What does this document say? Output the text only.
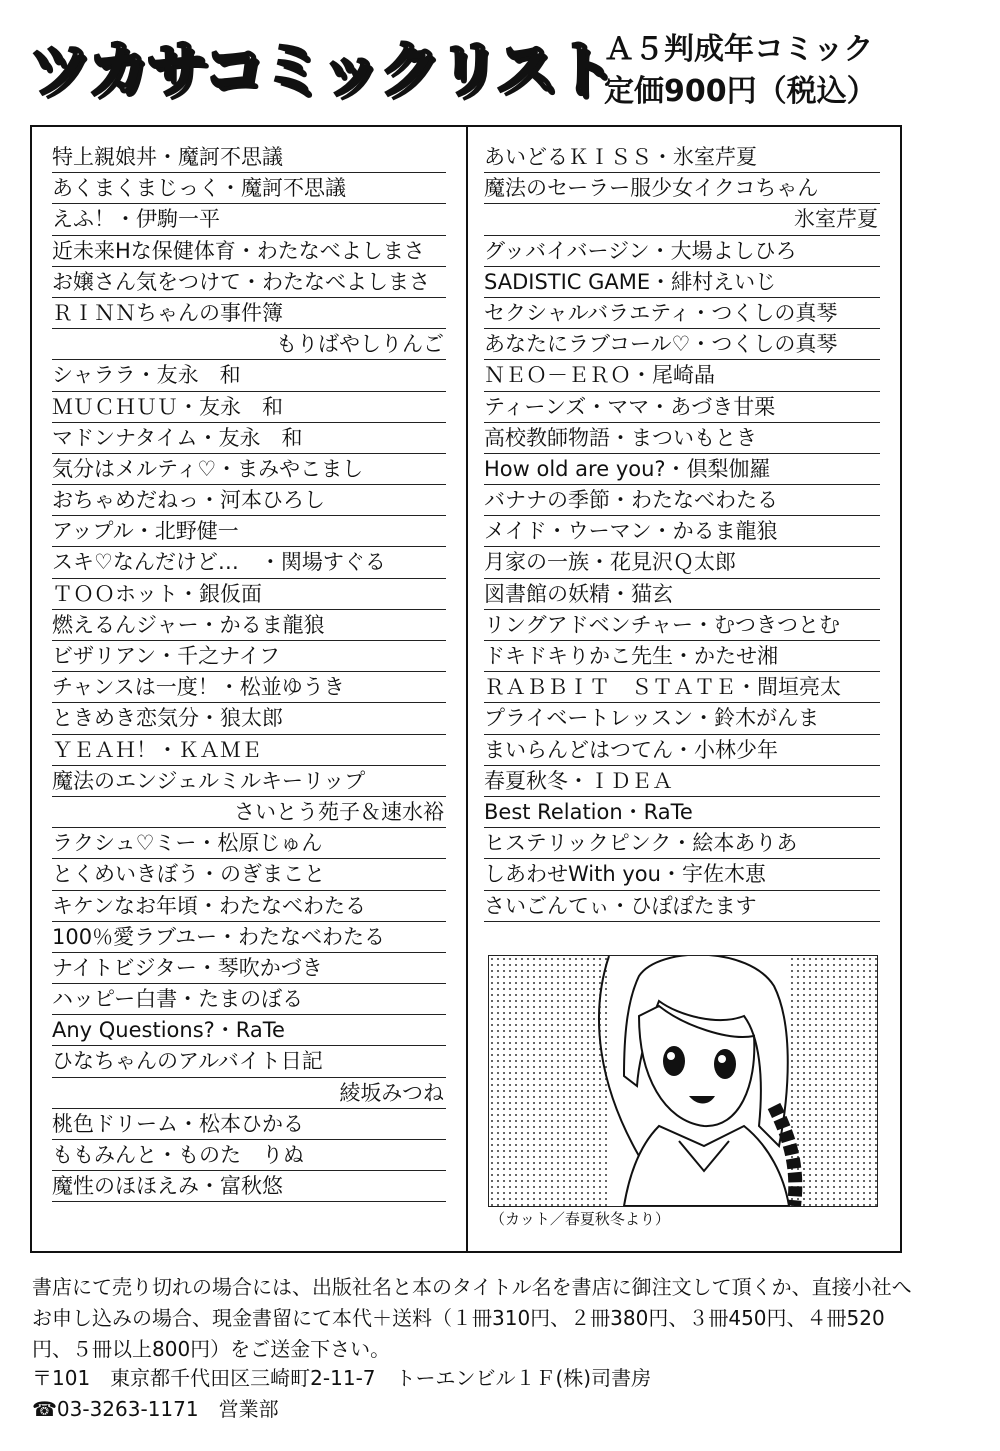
ツカサコミックリスト
Ａ５判成年コミック
定価900円（税込）
特上親娘丼・魔訶不思議
あくまくまじっく・魔訶不思議
えふ！・伊駒一平
近未来Hな保健体育・わたなべよしまさ
お嬢さん気をつけて・わたなべよしまさ
ＲＩＮＮちゃんの事件簿
もりばやしりんご
シャララ・友永　和
ＭＵＣＨＵＵ・友永　和
マドンナタイム・友永　和
気分はメルティ♡・まみやこまし
おちゃめだねっ・河本ひろし
アップル・北野健一
スキ♡なんだけど…　・関場すぐる
ＴＯＯホット・銀仮面
燃えるんジャー・かるま龍狼
ビザリアン・千之ナイフ
チャンスは一度！・松並ゆうき
ときめき恋気分・狼太郎
ＹＥＡＨ！・ＫＡＭＥ
魔法のエンジェルミルキーリップ
さいとう苑子＆速水裕
ラクシュ♡ミー・松原じゅん
とくめいきぼう・のぎまこと
キケンなお年頃・わたなべわたる
100％愛ラブユー・わたなべわたる
ナイトビジター・琴吹かづき
ハッピー白書・たまのぼる
Any Questions?・RaTe
ひなちゃんのアルバイト日記
綾坂みつね
桃色ドリーム・松本ひかる
ももみんと・ものた　りぬ
魔性のほほえみ・富秋悠
あいどるＫＩＳＳ・氷室芹夏
魔法のセーラー服少女イクコちゃん
氷室芹夏
グッバイバージン・大場よしひろ
SADISTIC GAME・緋村えいじ
セクシャルバラエティ・つくしの真琴
あなたにラブコール♡・つくしの真琴
ＮＥＯ－ＥＲＯ・尾崎晶
ティーンズ・ママ・あづき甘栗
高校教師物語・まついもとき
How old are you?・倶梨伽羅
バナナの季節・わたなべわたる
メイド・ウーマン・かるま龍狼
月家の一族・花見沢Ｑ太郎
図書館の妖精・猫玄
リングアドベンチャー・むつきつとむ
ドキドキりかこ先生・かたせ湘
ＲＡＢＢＩＴ　ＳＴＡＴＥ・間垣亮太
プライベートレッスン・鈴木がんま
まいらんどはつてん・小林少年
春夏秋冬・ＩＤＥＡ
Best Relation・RaTe
ヒステリックピンク・絵本ありあ
しあわせWith you・宇佐木恵
さいごんてぃ・ひぽぽたます
（カット／春夏秋冬より）

書店にて売り切れの場合には、出版社名と本のタイトル名を書店に御注文して頂くか、直接小社へお申し込みの場合、現金書留にて本代＋送料（１冊310円、２冊380円、３冊450円、４冊520円、５冊以上800円）をご送金下さい。

〒101　東京都千代田区三崎町2-11-7　トーエンビル１Ｆ(株)司書房
☎03-3263-1171　営業部
